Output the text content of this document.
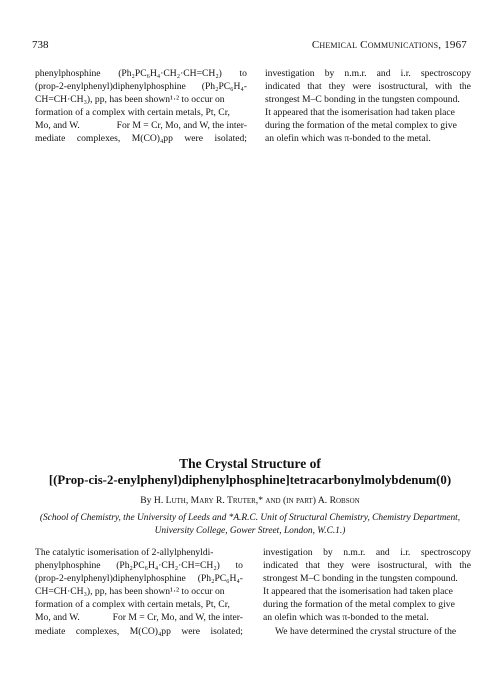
738	Chemical Communications, 1967
phenylphosphine (Ph₂PC₆H₄·CH₂·CH=CH₂) to
(prop-2-enylphenyl)diphenylphosphine (Ph₂PC₆H₄-
CH=CH·CH₃), pp, has been shown¹·² to occur on
formation of a complex with certain metals, Pt, Cr,
Mo, and W.	For M = Cr, Mo, and W, the inter-
mediate complexes, M(CO)₄pp were isolated;
investigation by n.m.r. and i.r. spectroscopy
indicated that they were isostructural, with the
strongest M–C bonding in the tungsten compound.
It appeared that the isomerisation had taken place
during the formation of the metal complex to give
an olefin which was π-bonded to the metal.
The Crystal Structure of
[(Prop-cis-2-enylphenyl)diphenylphosphine]tetracarbonylmolybdenum(0)
By H. Luth, Mary R. Truter,* and (in part) A. Robson
(School of Chemistry, the University of Leeds and *A.R.C. Unit of Structural Chemistry, Chemistry Department,
University College, Gower Street, London, W.C.1.)
The catalytic isomerisation of 2-allylphenyldi-
phenylphosphine (Ph₂PC₆H₄·CH₂·CH=CH₂) to
(prop-2-enylphenyl)diphenylphosphine (Ph₂PC₆H₄-
CH=CH·CH₃), pp, has been shown¹·² to occur on
formation of a complex with certain metals, Pt, Cr,
Mo, and W.	For M = Cr, Mo, and W, the inter-
mediate complexes, M(CO)₄pp were isolated;
investigation by n.m.r. and i.r. spectroscopy
indicated that they were isostructural, with the
strongest M–C bonding in the tungsten compound.
It appeared that the isomerisation had taken place
during the formation of the metal complex to give
an olefin which was π-bonded to the metal.
We have determined the crystal structure of the
